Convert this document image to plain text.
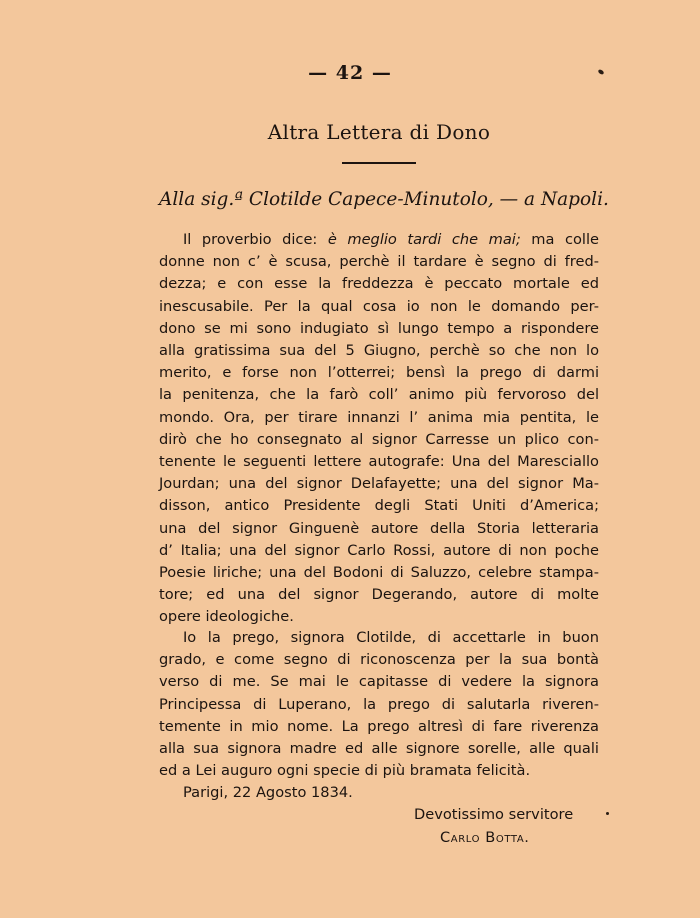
— 42 —
Altra Lettera di Dono
Alla sig.ª Clotilde Capece-Minutolo, — a Napoli.

Il proverbio dice: è meglio tardi che mai; ma colle

donne non c’ è scusa, perchè il tardare è segno di fred-

dezza; e con esse la freddezza è peccato mortale ed

inescusabile. Per la qual cosa io non le domando per-

dono se mi sono indugiato sì lungo tempo a rispondere

alla gratissima sua del 5 Giugno, perchè so che non lo

merito, e forse non l’otterrei; bensì la prego di darmi

la penitenza, che la farò coll’ animo più fervoroso del

mondo. Ora, per tirare innanzi l’ anima mia pentita, le

dirò che ho consegnato al signor Carresse un plico con-

tenente le seguenti lettere autografe: Una del Maresciallo

Jourdan; una del signor Delafayette; una del signor Ma-

disson, antico Presidente degli Stati Uniti d’America;

una del signor Ginguenè autore della Storia letteraria

d’ Italia; una del signor Carlo Rossi, autore di non poche

Poesie liriche; una del Bodoni di Saluzzo, celebre stampa-

tore; ed una del signor Degerando, autore di molte

opere ideologiche.

Io la prego, signora Clotilde, di accettarle in buon

grado, e come segno di riconoscenza per la sua bontà

verso di me. Se mai le capitasse di vedere la signora

Principessa di Luperano, la prego di salutarla riveren-

temente in mio nome. La prego altresì di fare riverenza

alla sua signora madre ed alle signore sorelle, alle quali

ed a Lei auguro ogni specie di più bramata felicità.

Parigi, 22 Agosto 1834.
Devotissimo servitore
Carlo Botta.
